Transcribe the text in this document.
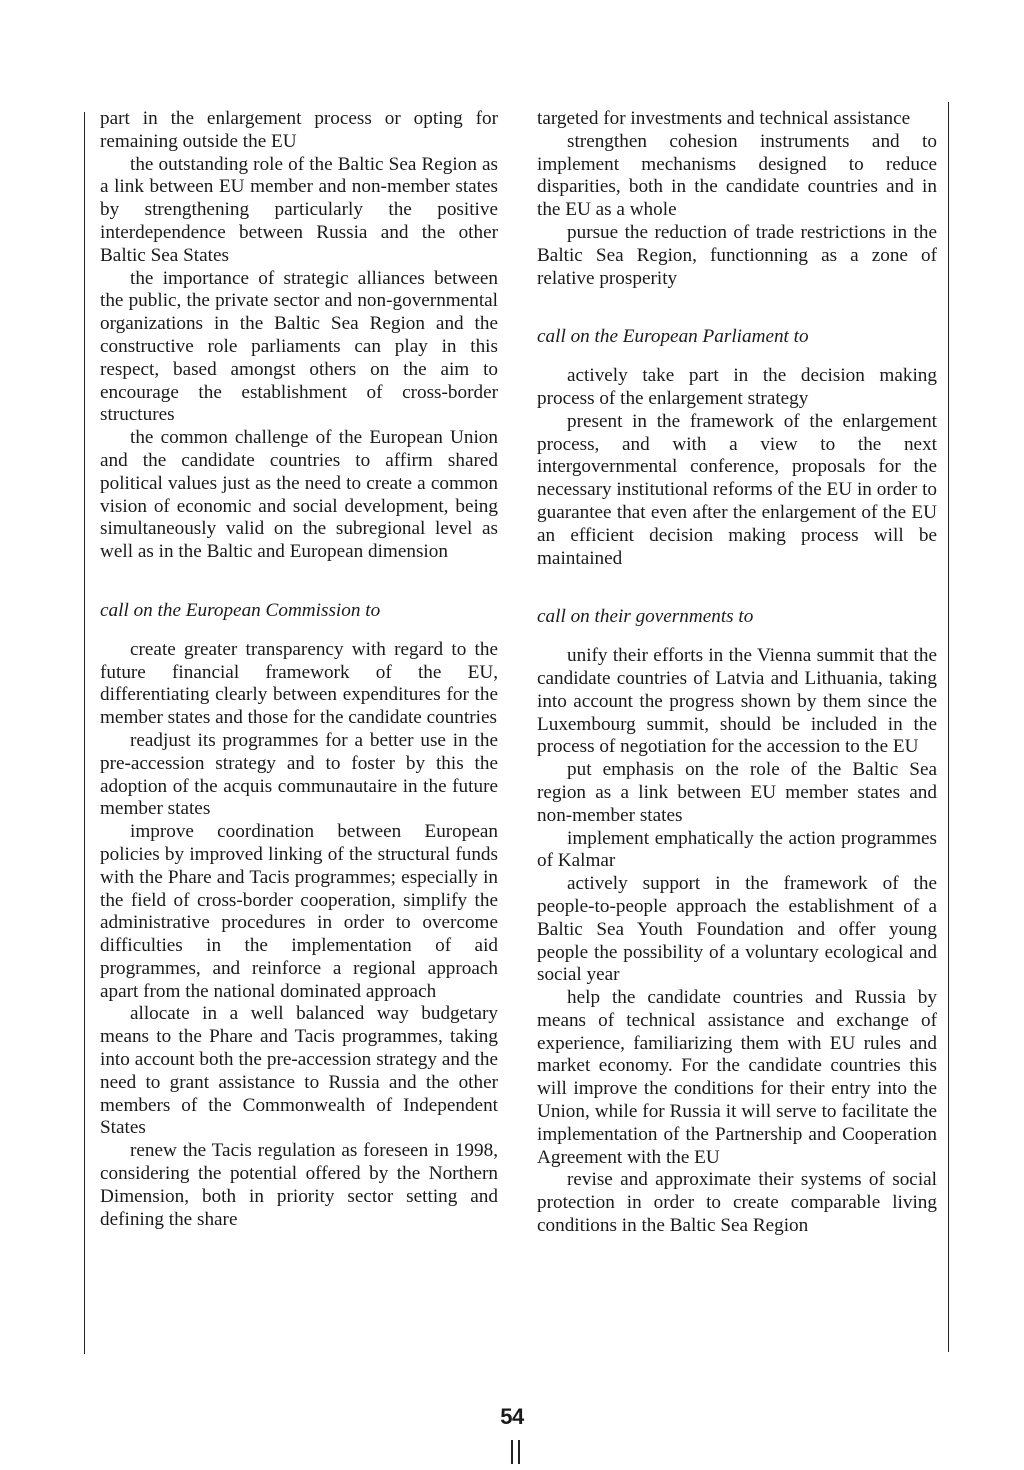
part in the enlargement process or opting for remaining outside the EU

the outstanding role of the Baltic Sea Region as a link between EU member and non-member states by strengthening particularly the positive interdependence between Russia and the other Baltic Sea States

the importance of strategic alliances between the public, the private sector and non-governmental organizations in the Baltic Sea Region and the constructive role parliaments can play in this respect, based amongst others on the aim to encourage the establishment of cross-border structures

the common challenge of the European Union and the candidate countries to affirm shared political values just as the need to create a common vision of economic and social development, being simultaneously valid on the subregional level as well as in the Baltic and European dimension

call on the European Commission to

create greater transparency with regard to the future financial framework of the EU, differentiating clearly between expenditures for the member states and those for the candidate countries

readjust its programmes for a better use in the pre-accession strategy and to foster by this the adoption of the acquis communautaire in the future member states

improve coordination between European policies by improved linking of the structural funds with the Phare and Tacis programmes; especially in the field of cross-border cooperation, simplify the administrative procedures in order to overcome difficulties in the implementation of aid programmes, and reinforce a regional approach apart from the national dominated approach

allocate in a well balanced way budgetary means to the Phare and Tacis programmes, taking into account both the pre-accession strategy and the need to grant assistance to Russia and the other members of the Commonwealth of Independent States

renew the Tacis regulation as foreseen in 1998, considering the potential offered by the Northern Dimension, both in priority sector setting and defining the share

targeted for investments and technical assistance

strengthen cohesion instruments and to implement mechanisms designed to reduce disparities, both in the candidate countries and in the EU as a whole

pursue the reduction of trade restrictions in the Baltic Sea Region, functionning as a zone of relative prosperity

call on the European Parliament to

actively take part in the decision making process of the enlargement strategy

present in the framework of the enlargement process, and with a view to the next intergovernmental conference, proposals for the necessary institutional reforms of the EU in order to guarantee that even after the enlargement of the EU an efficient decision making process will be maintained

call on their governments to

unify their efforts in the Vienna summit that the candidate countries of Latvia and Lithuania, taking into account the progress shown by them since the Luxembourg summit, should be included in the process of negotiation for the accession to the EU

put emphasis on the role of the Baltic Sea region as a link between EU member states and non-member states

implement emphatically the action programmes of Kalmar

actively support in the framework of the people-to-people approach the establishment of a Baltic Sea Youth Foundation and offer young people the possibility of a voluntary ecological and social year

help the candidate countries and Russia by means of technical assistance and exchange of experience, familiarizing them with EU rules and market economy. For the candidate countries this will improve the conditions for their entry into the Union, while for Russia it will serve to facilitate the implementation of the Partnership and Cooperation Agreement with the EU

revise and approximate their systems of social protection in order to create comparable living conditions in the Baltic Sea Region

54
